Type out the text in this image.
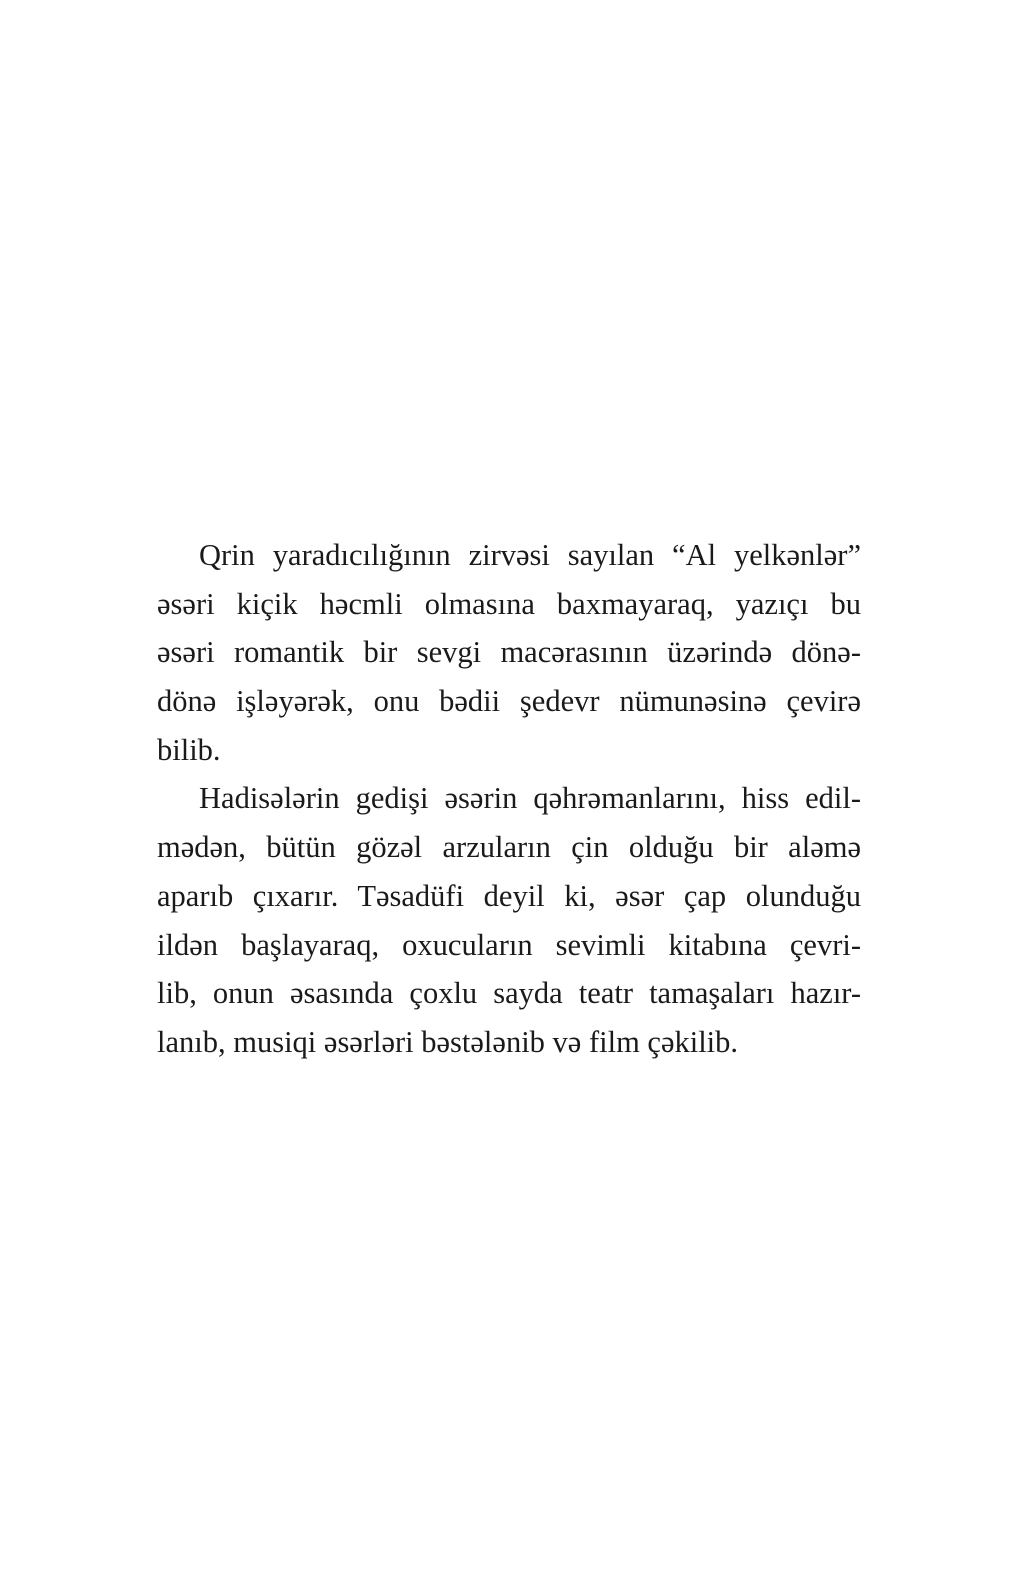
Qrin yaradıcılığının zirvəsi sayılan “Al yelkənlər”
əsəri kiçik həcmli olmasına baxmayaraq, yazıçı bu
əsəri romantik bir sevgi macərasının üzərində dönə-
dönə işləyərək, onu bədii şedevr nümunəsinə çevirə
bilib.

Hadisələrin gedişi əsərin qəhrəmanlarını, hiss edil-
mədən, bütün gözəl arzuların çin olduğu bir aləmə
aparıb çıxarır. Təsadüfi deyil ki, əsər çap olunduğu
ildən başlayaraq, oxucuların sevimli kitabına çevri-
lib, onun əsasında çoxlu sayda teatr tamaşaları hazır-
lanıb, musiqi əsərləri bəstələnib və film çəkilib.
